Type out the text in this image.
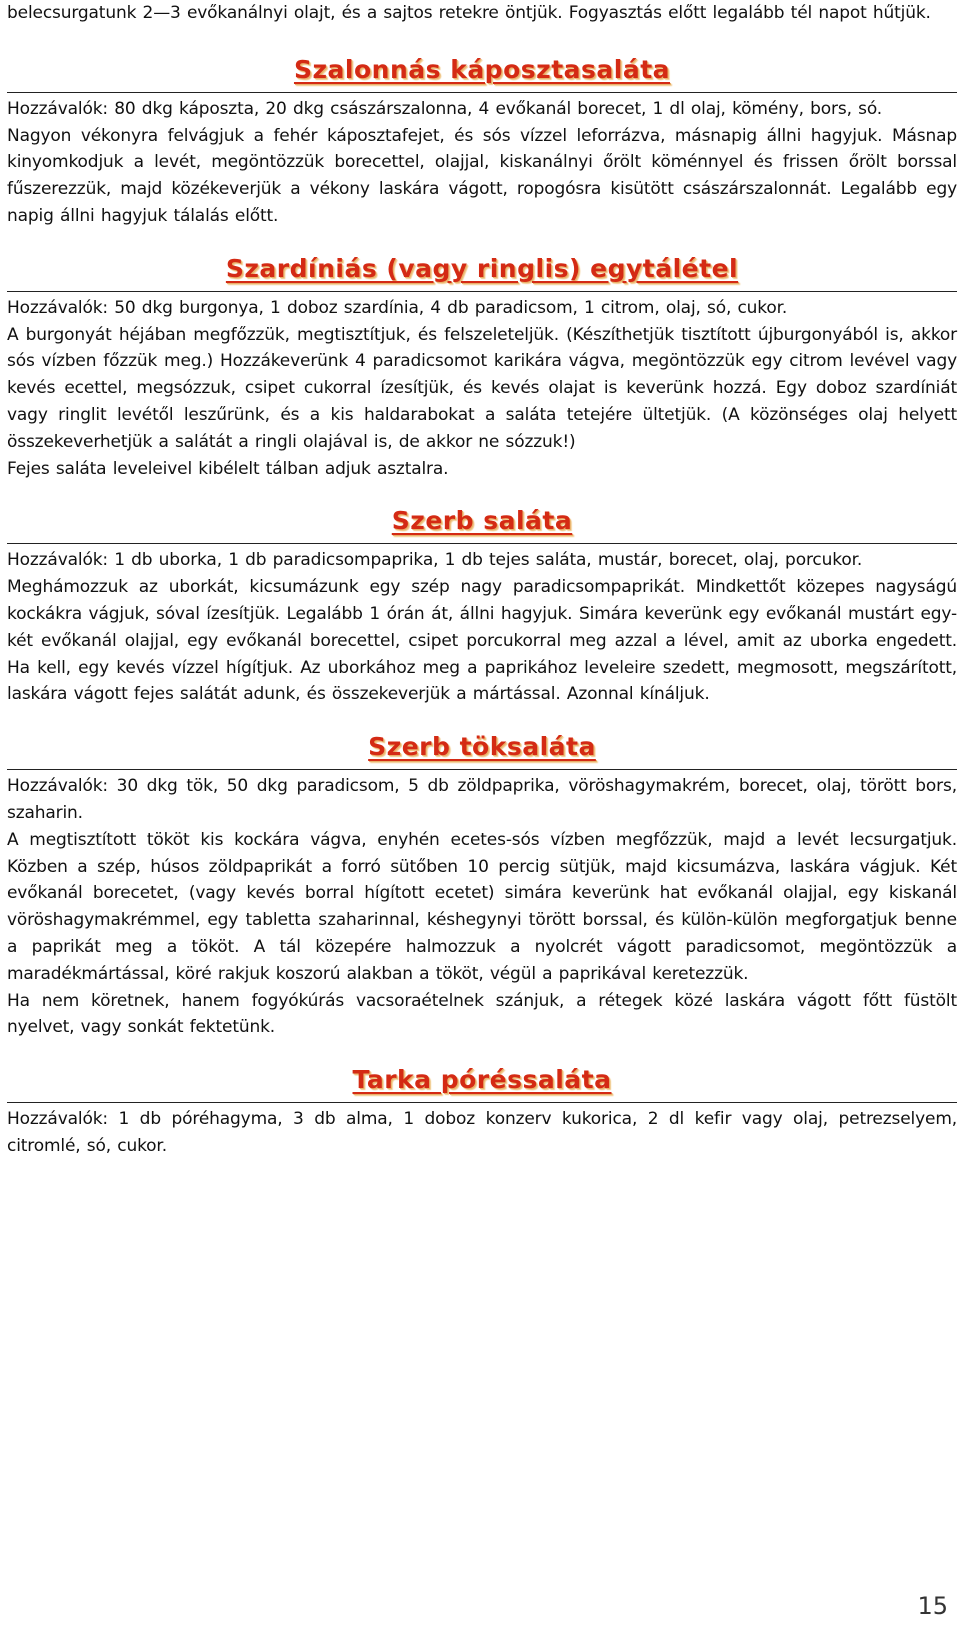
belecsurgatunk 2—3 evőkanálnyi olajt, és a sajtos retekre öntjük. Fogyasztás előtt legalább tél napot hűtjük.

Szalonnás káposztasaláta

Hozzávalók: 80 dkg káposzta, 20 dkg császárszalonna, 4 evőkanál borecet, 1 dl olaj, kömény, bors, só.

Nagyon vékonyra felvágjuk a fehér káposztafejet, és sós vízzel leforrázva, másnapig állni hagyjuk. Másnap kinyomkodjuk a levét, megöntözzük borecettel, olajjal, kiskanálnyi őrölt köménnyel és frissen őrölt borssal fűszerezzük, majd közékeverjük a vékony laskára vágott, ropogósra kisütött császárszalonnát. Legalább egy napig állni hagyjuk tálalás előtt.

Szardíniás (vagy ringlis) egytálétel

Hozzávalók: 50 dkg burgonya, 1 doboz szardínia, 4 db paradicsom, 1 citrom, olaj, só, cukor.

A burgonyát héjában megfőzzük, megtisztítjuk, és felszeleteljük. (Készíthetjük tisztított újburgonyából is, akkor sós vízben főzzük meg.) Hozzákeverünk 4 paradicsomot karikára vágva, megöntözzük egy citrom levével vagy kevés ecettel, megsózzuk, csipet cukorral ízesítjük, és kevés olajat is keverünk hozzá. Egy doboz szardíniát vagy ringlit levétől leszűrünk, és a kis haldarabokat a saláta tetejére ültetjük. (A közönséges olaj helyett összekeverhetjük a salátát a ringli olajával is, de akkor ne sózzuk!)

Fejes saláta leveleivel kibélelt tálban adjuk asztalra.

Szerb saláta

Hozzávalók: 1 db uborka, 1 db paradicsompaprika, 1 db tejes saláta, mustár, borecet, olaj, porcukor.

Meghámozzuk az uborkát, kicsumázunk egy szép nagy paradicsompaprikát. Mindkettőt közepes nagyságú kockákra vágjuk, sóval ízesítjük. Legalább 1 órán át, állni hagyjuk. Simára keverünk egy evőkanál mustárt egy-két evőkanál olajjal, egy evőkanál borecettel, csipet porcukorral meg azzal a lével, amit az uborka engedett. Ha kell, egy kevés vízzel hígítjuk. Az uborkához meg a paprikához leveleire szedett, megmosott, megszárított, laskára vágott fejes salátát adunk, és összekeverjük a mártással. Azonnal kínáljuk.

Szerb töksaláta

Hozzávalók: 30 dkg tök, 50 dkg paradicsom, 5 db zöldpaprika, vöröshagymakrém, borecet, olaj, törött bors, szaharin.

A megtisztított tököt kis kockára vágva, enyhén ecetes-sós vízben megfőzzük, majd a levét lecsurgatjuk. Közben a szép, húsos zöldpaprikát a forró sütőben 10 percig sütjük, majd kicsumázva, laskára vágjuk. Két evőkanál borecetet, (vagy kevés borral hígított ecetet) simára keverünk hat evőkanál olajjal, egy kiskanál vöröshagymakrémmel, egy tabletta szaharinnal, késhegynyi törött borssal, és külön-külön megforgatjuk benne a paprikát meg a tököt. A tál közepére halmozzuk a nyolcrét vágott paradicsomot, megöntözzük a maradékmártással, köré rakjuk koszorú alakban a tököt, végül a paprikával keretezzük.

Ha nem köretnek, hanem fogyókúrás vacsoraételnek szánjuk, a rétegek közé laskára vágott főtt füstölt nyelvet, vagy sonkát fektetünk.

Tarka póréssaláta

Hozzávalók: 1 db póréhagyma, 3 db alma, 1 doboz konzerv kukorica, 2 dl kefir vagy olaj, petrezselyem, citromlé, só, cukor.

15
